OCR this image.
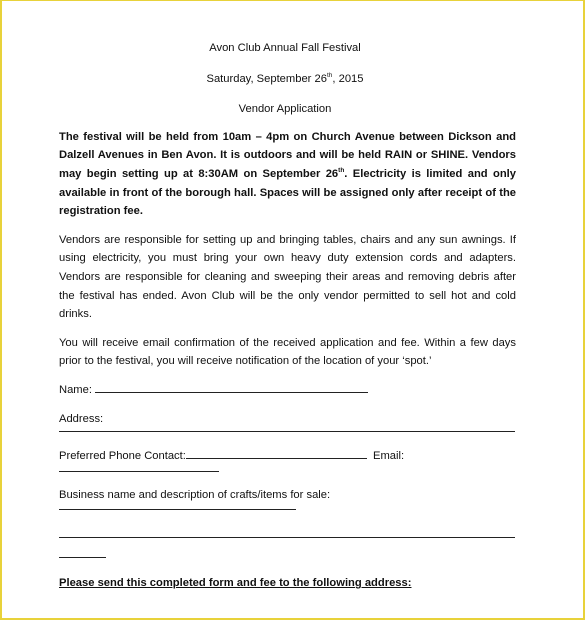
Avon Club Annual Fall Festival
Saturday, September 26th, 2015
Vendor Application

The festival will be held from 10am – 4pm on Church Avenue between Dickson and Dalzell Avenues in Ben Avon. It is outdoors and will be held RAIN or SHINE. Vendors may begin setting up at 8:30AM on September 26th. Electricity is limited and only available in front of the borough hall. Spaces will be assigned only after receipt of the registration fee.

Vendors are responsible for setting up and bringing tables, chairs and any sun awnings. If using electricity, you must bring your own heavy duty extension cords and adapters. Vendors are responsible for cleaning and sweeping their areas and removing debris after the festival has ended. Avon Club will be the only vendor permitted to sell hot and cold drinks.

You will receive email confirmation of the received application and fee. Within a few days prior to the festival, you will receive notification of the location of your ‘spot.’

Name:
Address:
Preferred Phone Contact:	Email:
Business name and description of crafts/items for sale:
Please send this completed form and fee to the following address:
